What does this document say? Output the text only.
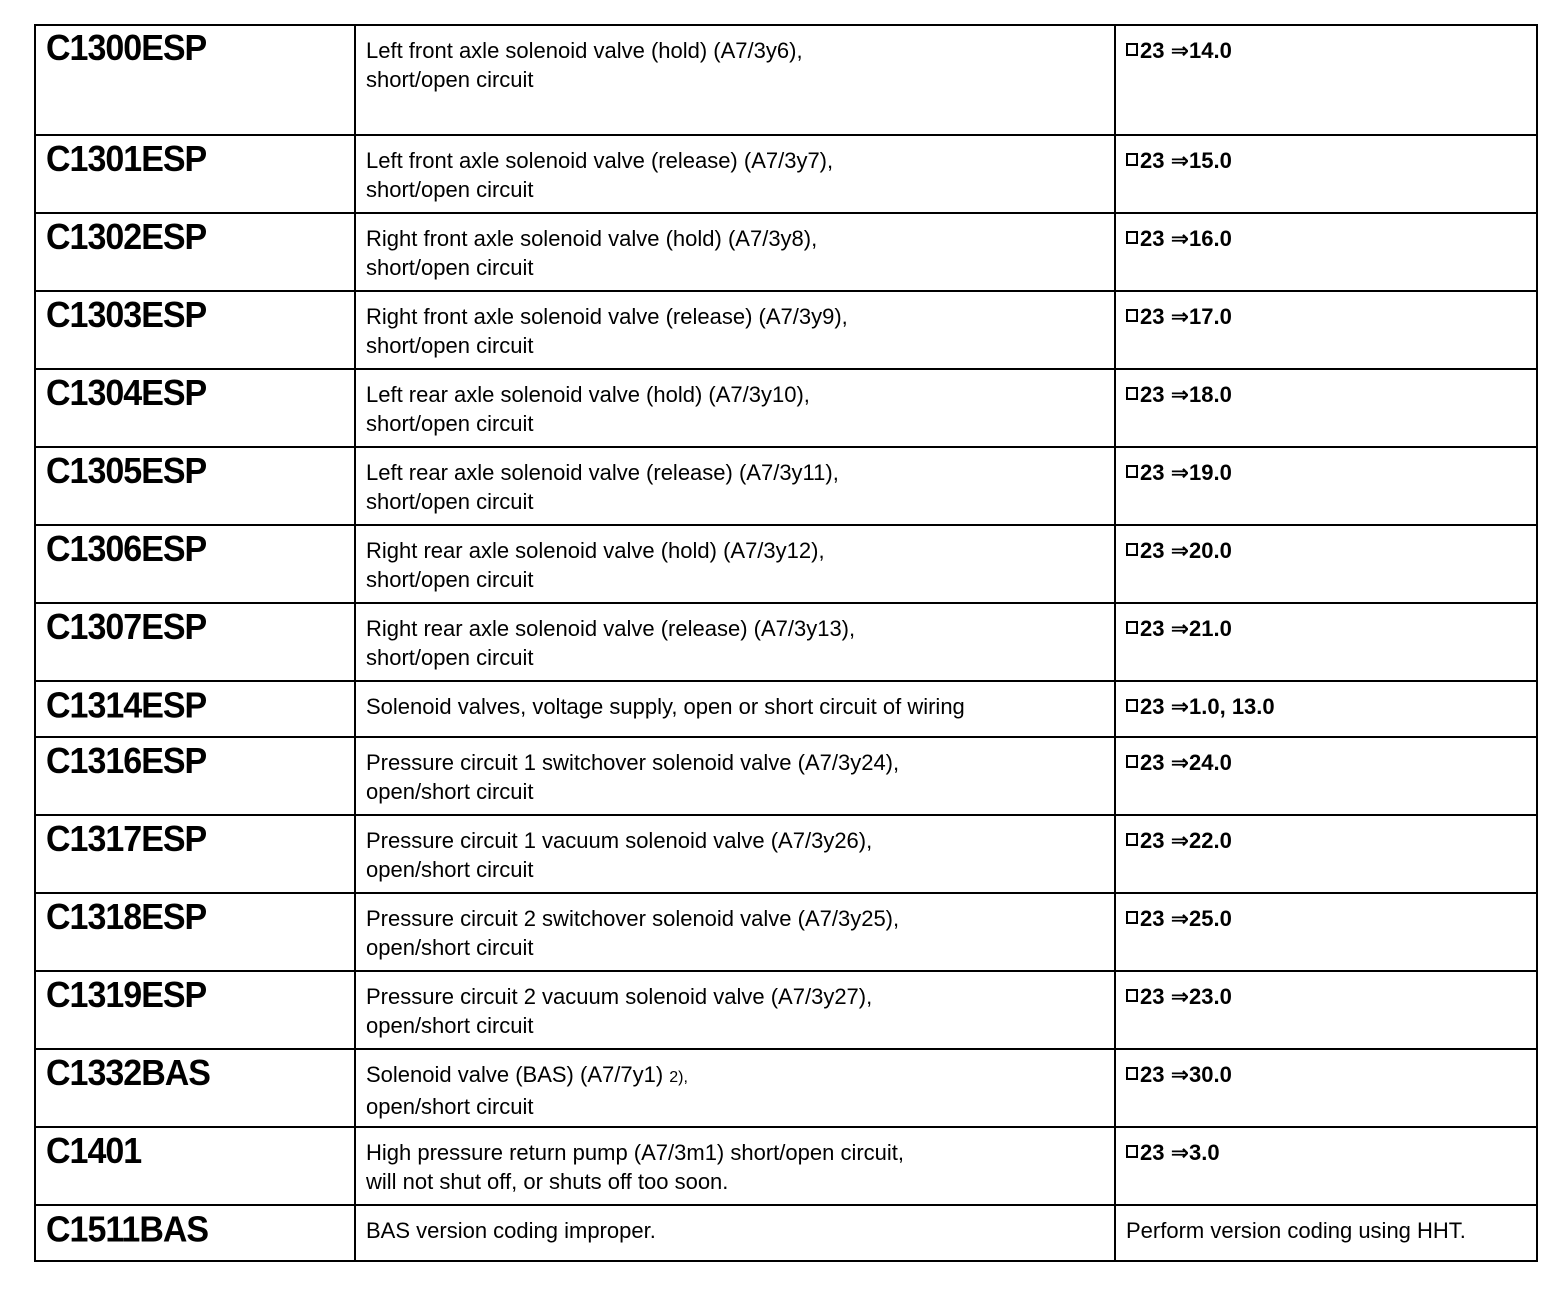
C1300ESP	Left front axle solenoid valve (hold) (A7/3y6),
short/open circuit	23 ⇒14.0
C1301ESP	Left front axle solenoid valve (release) (A7/3y7),
short/open circuit	23 ⇒15.0
C1302ESP	Right front axle solenoid valve (hold) (A7/3y8),
short/open circuit	23 ⇒16.0
C1303ESP	Right front axle solenoid valve (release) (A7/3y9),
short/open circuit	23 ⇒17.0
C1304ESP	Left rear axle solenoid valve (hold) (A7/3y10),
short/open circuit	23 ⇒18.0
C1305ESP	Left rear axle solenoid valve (release) (A7/3y11),
short/open circuit	23 ⇒19.0
C1306ESP	Right rear axle solenoid valve (hold) (A7/3y12),
short/open circuit	23 ⇒20.0
C1307ESP	Right rear axle solenoid valve (release) (A7/3y13),
short/open circuit	23 ⇒21.0
C1314ESP	Solenoid valves, voltage supply, open or short circuit of wiring	23 ⇒1.0, 13.0
C1316ESP	Pressure circuit 1 switchover solenoid valve (A7/3y24),
open/short circuit	23 ⇒24.0
C1317ESP	Pressure circuit 1 vacuum solenoid valve (A7/3y26),
open/short circuit	23 ⇒22.0
C1318ESP	Pressure circuit 2 switchover solenoid valve (A7/3y25),
open/short circuit	23 ⇒25.0
C1319ESP	Pressure circuit 2 vacuum solenoid valve (A7/3y27),
open/short circuit	23 ⇒23.0
C1332BAS	Solenoid valve (BAS) (A7/7y1) 2),
open/short circuit	23 ⇒30.0
C1401	High pressure return pump (A7/3m1) short/open circuit,
will not shut off, or shuts off too soon.	23 ⇒3.0
C1511BAS	BAS version coding improper.	Perform version coding using HHT.
